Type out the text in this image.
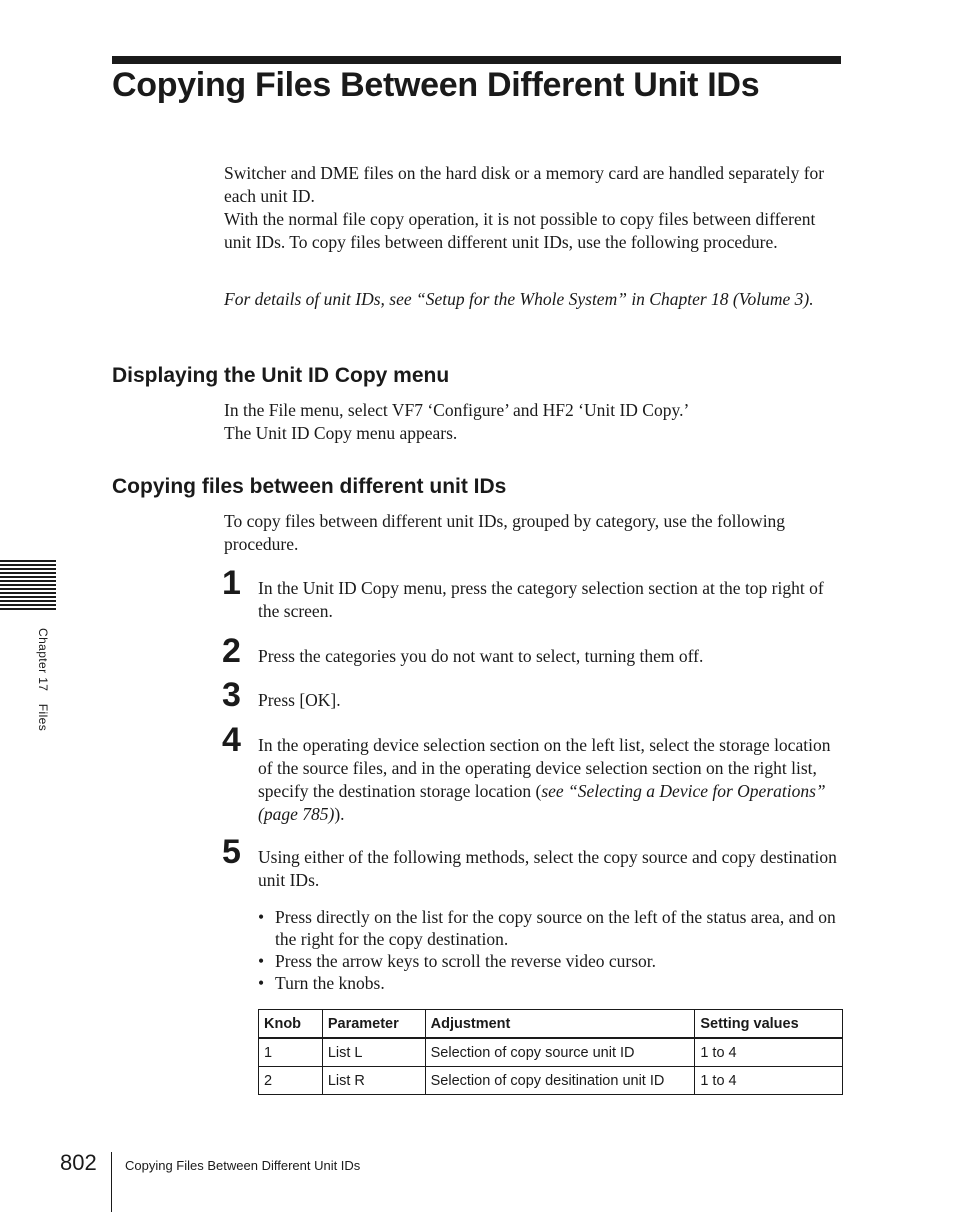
Copying Files Between Different Unit IDs

Switcher and DME files on the hard disk or a memory card are handled separately for each unit ID.

With the normal file copy operation, it is not possible to copy files between different unit IDs. To copy files between different unit IDs, use the following procedure.

For details of unit IDs, see “Setup for the Whole System” in Chapter 18 (Volume 3).

Displaying the Unit ID Copy menu

In the File menu, select VF7 ‘Configure’ and HF2 ‘Unit ID Copy.’

The Unit ID Copy menu appears.

Copying files between different unit IDs

To copy files between different unit IDs, grouped by category, use the following procedure.

1 In the Unit ID Copy menu, press the category selection section at the top right of the screen.

2 Press the categories you do not want to select, turning them off.

3 Press [OK].

4 In the operating device selection section on the left list, select the storage location of the source files, and in the operating device selection section on the right list, specify the destination storage location (see “Selecting a Device for Operations” (page 785)).

5 Using either of the following methods, select the copy source and copy destination unit IDs.

• Press directly on the list for the copy source on the left of the status area, and on the right for the copy destination.
• Press the arrow keys to scroll the reverse video cursor.
• Turn the knobs.
Knob	Parameter	Adjustment	Setting values
1	List L	Selection of copy source unit ID	1 to 4
2	List R	Selection of copy desitination unit ID	1 to 4
Chapter 17 Files
802 Copying Files Between Different Unit IDs
